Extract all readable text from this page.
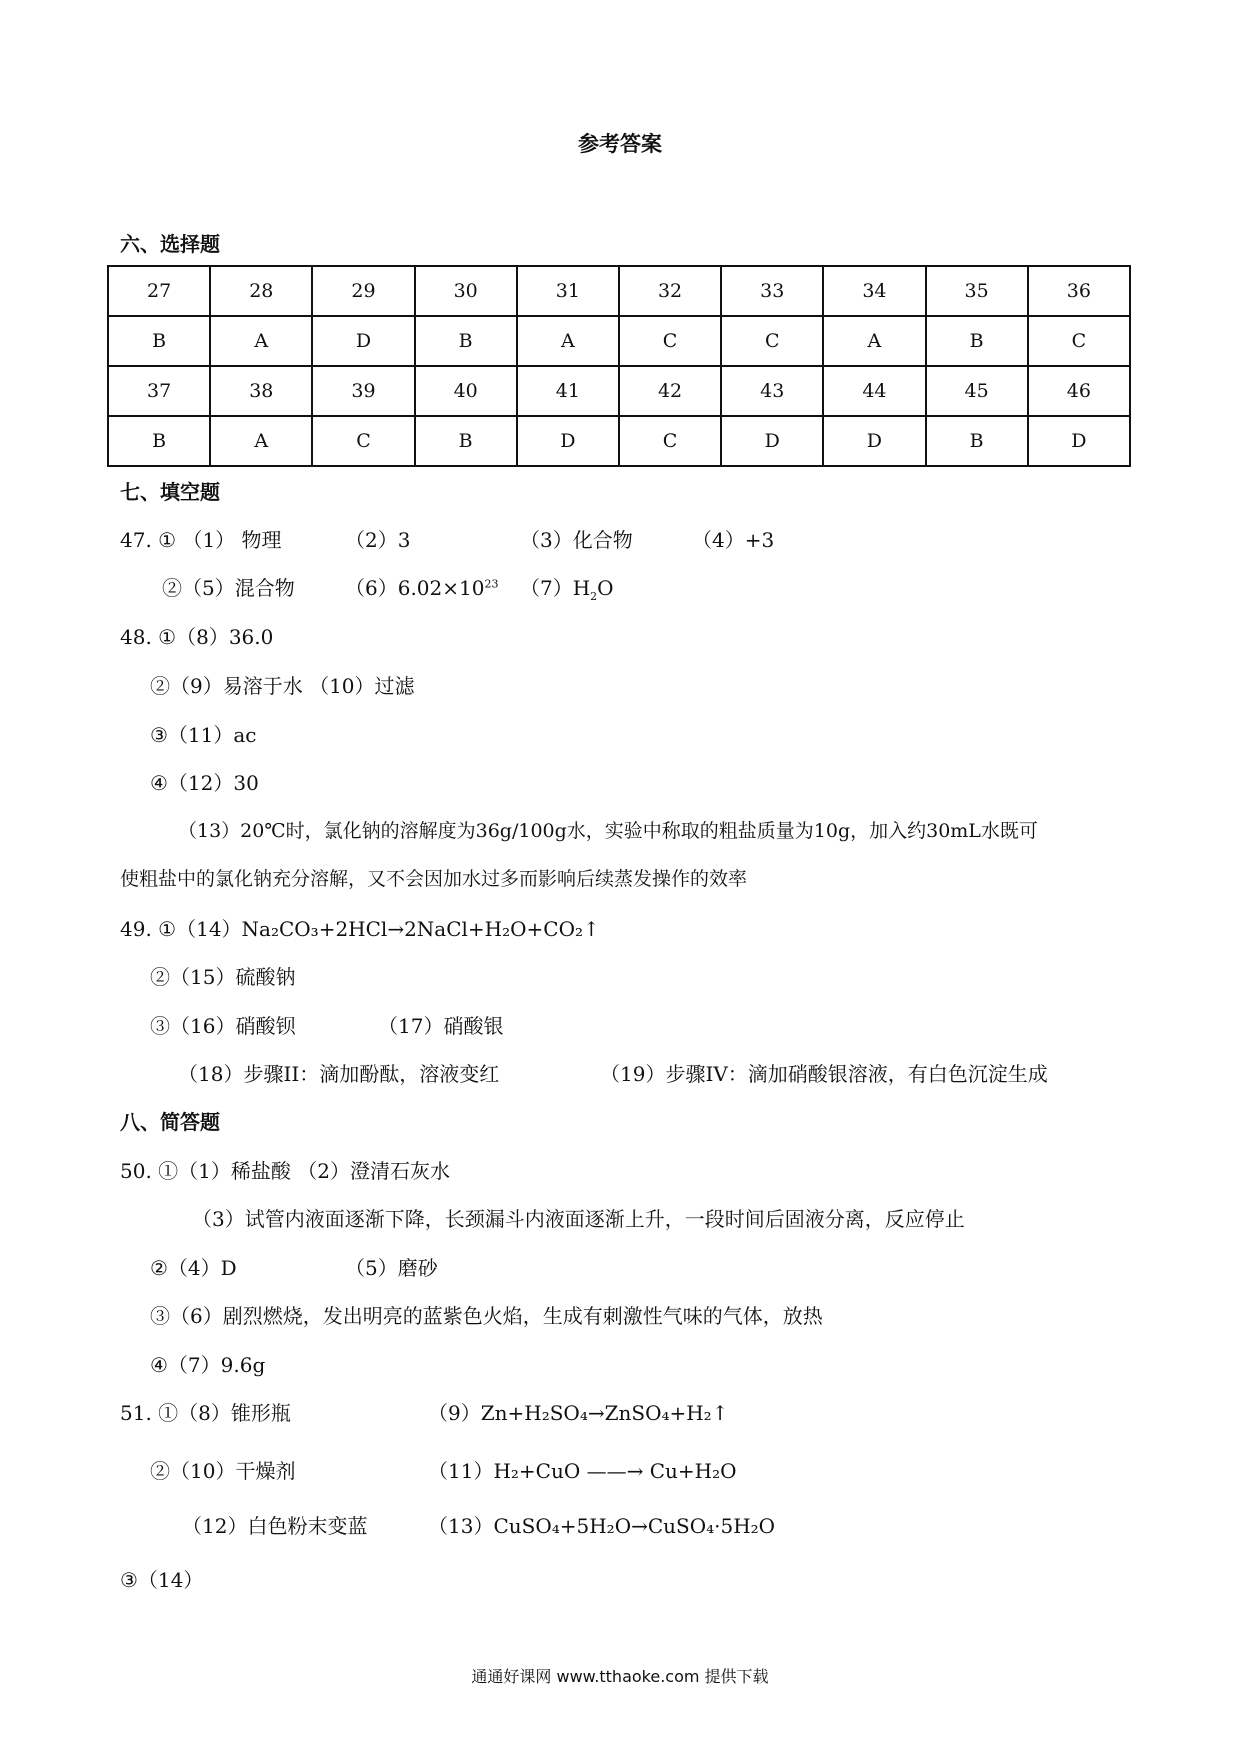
参考答案
六、选择题
27	28	29	30	31	32	33	34	35	36
B	A	D	B	A	C	C	A	B	C
37	38	39	40	41	42	43	44	45	46
B	A	C	B	D	C	D	D	B	D
七、填空题
47. ① （1） 物理	（2）3	（3）化合物	（4）+3
②（5）混合物	$(6)6.02\times 10^{23}$ $(7)H_2O$
48. ①（8）36.0
②（9）易溶于水 （10）过滤
③（11）ac
④（12）30
（13）20℃时，氯化钠的溶解度为36g/100g水，实验中称取的粗盐质量为10g，加入约30mL水既可
使粗盐中的氯化钠充分溶解，又不会因加水过多而影响后续蒸发操作的效率
49. ①（14）Na₂CO₃+2HCl→2NaCl+H₂O+CO₂↑
②（15）硫酸钠
③（16）硝酸钡	（17）硝酸银
（18）步骤II：滴加酚酞，溶液变红	（19）步骤IV：滴加硝酸银溶液，有白色沉淀生成
八、简答题
50. ①（1）稀盐酸 （2）澄清石灰水
（3）试管内液面逐渐下降，长颈漏斗内液面逐渐上升，一段时间后固液分离，反应停止
②（4）D	（5）磨砂
③（6）剧烈燃烧，发出明亮的蓝紫色火焰，生成有刺激性气味的气体，放热
④（7）9.6g
51. ①（8）锥形瓶	（9）Zn+H₂SO₄→ZnSO₄+H₂↑
②（10）干燥剂	（11）H₂+CuO ——→ Cu+H₂O
（12）白色粉末变蓝	（13）CuSO₄+5H₂O→CuSO₄·5H₂O
③（14）
通通好课网 www.tthaoke.com 提供下载
